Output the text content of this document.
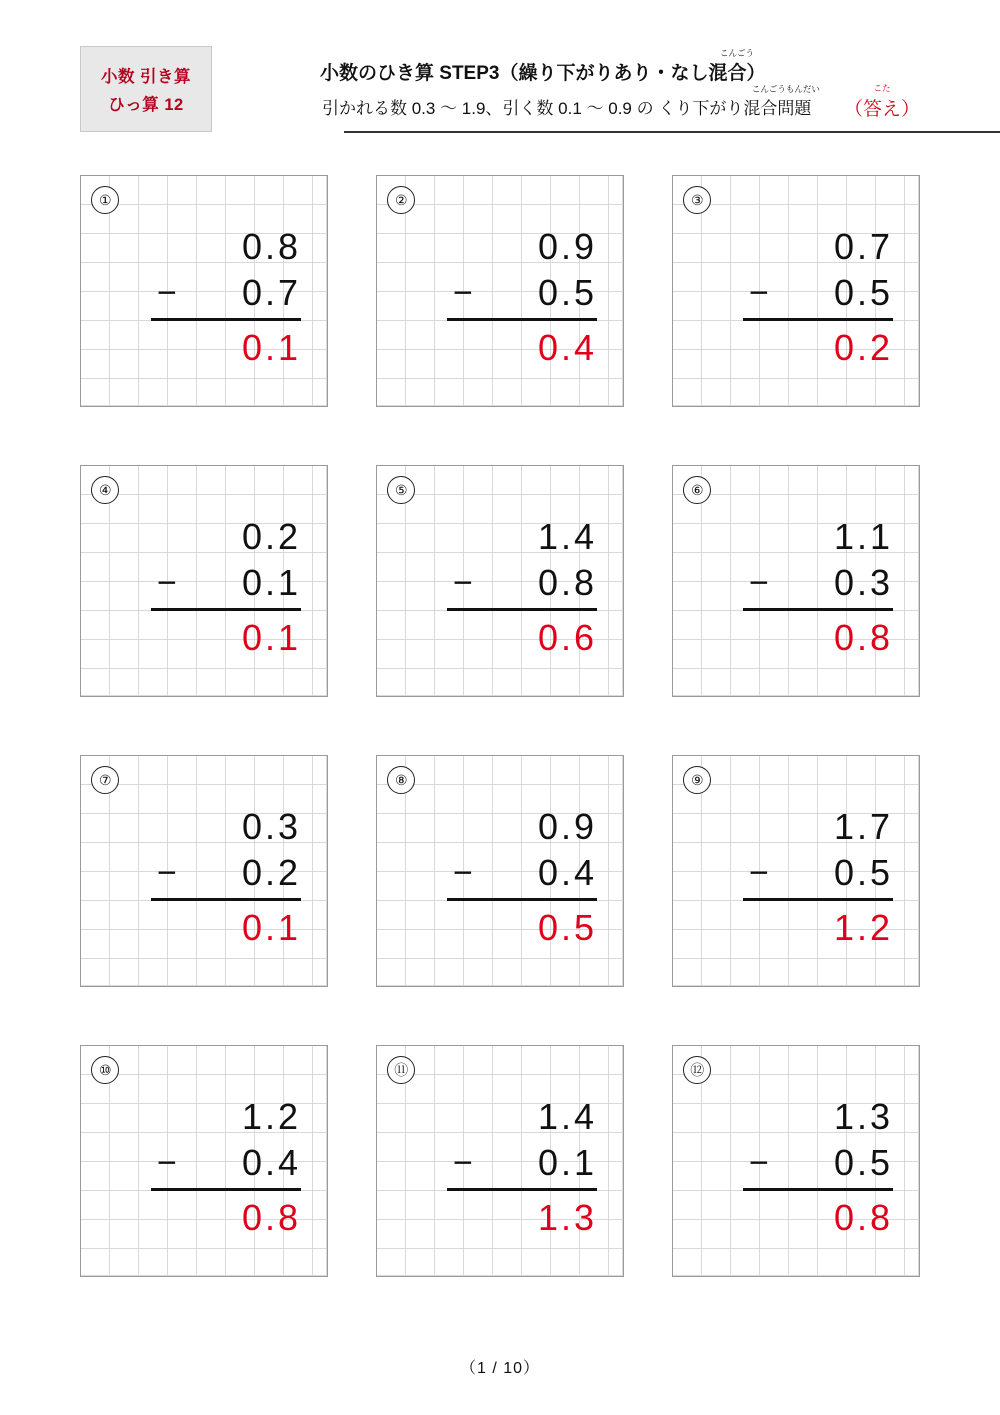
小数 引き算
ひっ算 12
小数のひき算 STEP3（繰り下がりあり・なし混
こんごう
合）
引かれる数 0.3 〜 1.9、引く数 0.1 〜 0.9 の くり下がり混
こんごうもんだい
合問題
こた
（答え）
①
0.8
− 0.7
0.1
②
0.9
− 0.5
0.4
③
0.7
− 0.5
0.2
④
0.2
− 0.1
0.1
⑤
1.4
− 0.8
0.6
⑥
1.1
− 0.3
0.8
⑦
0.3
− 0.2
0.1
⑧
0.9
− 0.4
0.5
⑨
1.7
− 0.5
1.2
⑩
1.2
− 0.4
0.8
⑪
1.4
− 0.1
1.3
⑫
1.3
− 0.5
0.8
（1 / 10）
